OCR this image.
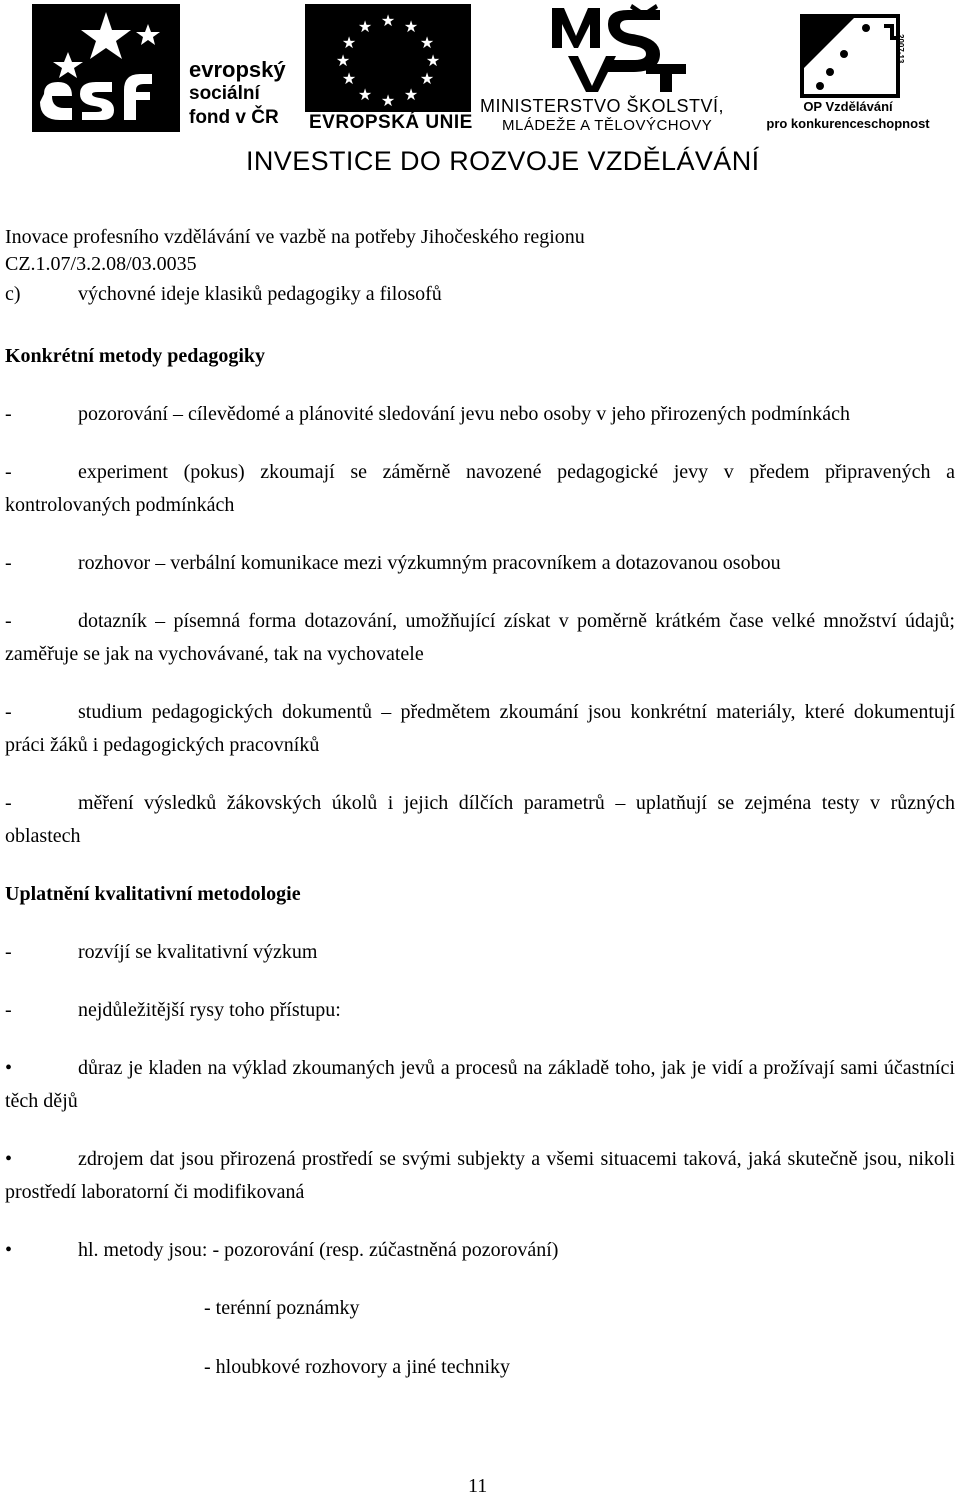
evropský
sociální
fond v ČR
★ ★
★
★
★
★
★
★
★
★
★
★
EVROPSKÁ UNIE
MINISTERSTVO ŠKOLSTVÍ,
MLÁDEŽE A TĚLOVÝCHOVY
2007-13
OP Vzdělávání
pro konkurenceschopnost
INVESTICE DO ROZVOJE VZDĚLÁVÁNÍ
Inovace profesního vzdělávání ve vazbě na potřeby Jihočeského regionu
CZ.1.07/3.2.08/03.0035

c)	výchovné ideje klasiků pedagogiky a filosofů

Konkrétní metody pedagogiky

-	pozorování – cílevědomé a plánovité sledování jevu nebo osoby v jeho přirozených podmínkách

-	experiment (pokus) zkoumají se záměrně navozené pedagogické jevy v předem připravených a kontrolovaných podmínkách

-	rozhovor – verbální komunikace mezi výzkumným pracovníkem a dotazovanou osobou

-	dotazník – písemná forma dotazování, umožňující získat v poměrně krátkém čase velké množství údajů; zaměřuje se jak na vychovávané, tak na vychovatele

-	studium pedagogických dokumentů – předmětem zkoumání jsou konkrétní materiály, které dokumentují práci žáků i pedagogických pracovníků

-	měření výsledků žákovských úkolů i jejich dílčích parametrů – uplatňují se zejména testy v různých oblastech

Uplatnění kvalitativní metodologie

-	rozvíjí se kvalitativní výzkum

-	nejdůležitější rysy toho přístupu:

•	důraz je kladen na výklad zkoumaných jevů a procesů na základě toho, jak je vidí a prožívají sami účastníci těch dějů

•	zdrojem dat jsou přirozená prostředí se svými subjekty a všemi situacemi taková, jaká skutečně jsou, nikoli prostředí laboratorní či modifikovaná

•	hl. metody jsou: - pozorování (resp. zúčastněná pozorování)

- terénní poznámky

- hloubkové rozhovory a jiné techniky

11
